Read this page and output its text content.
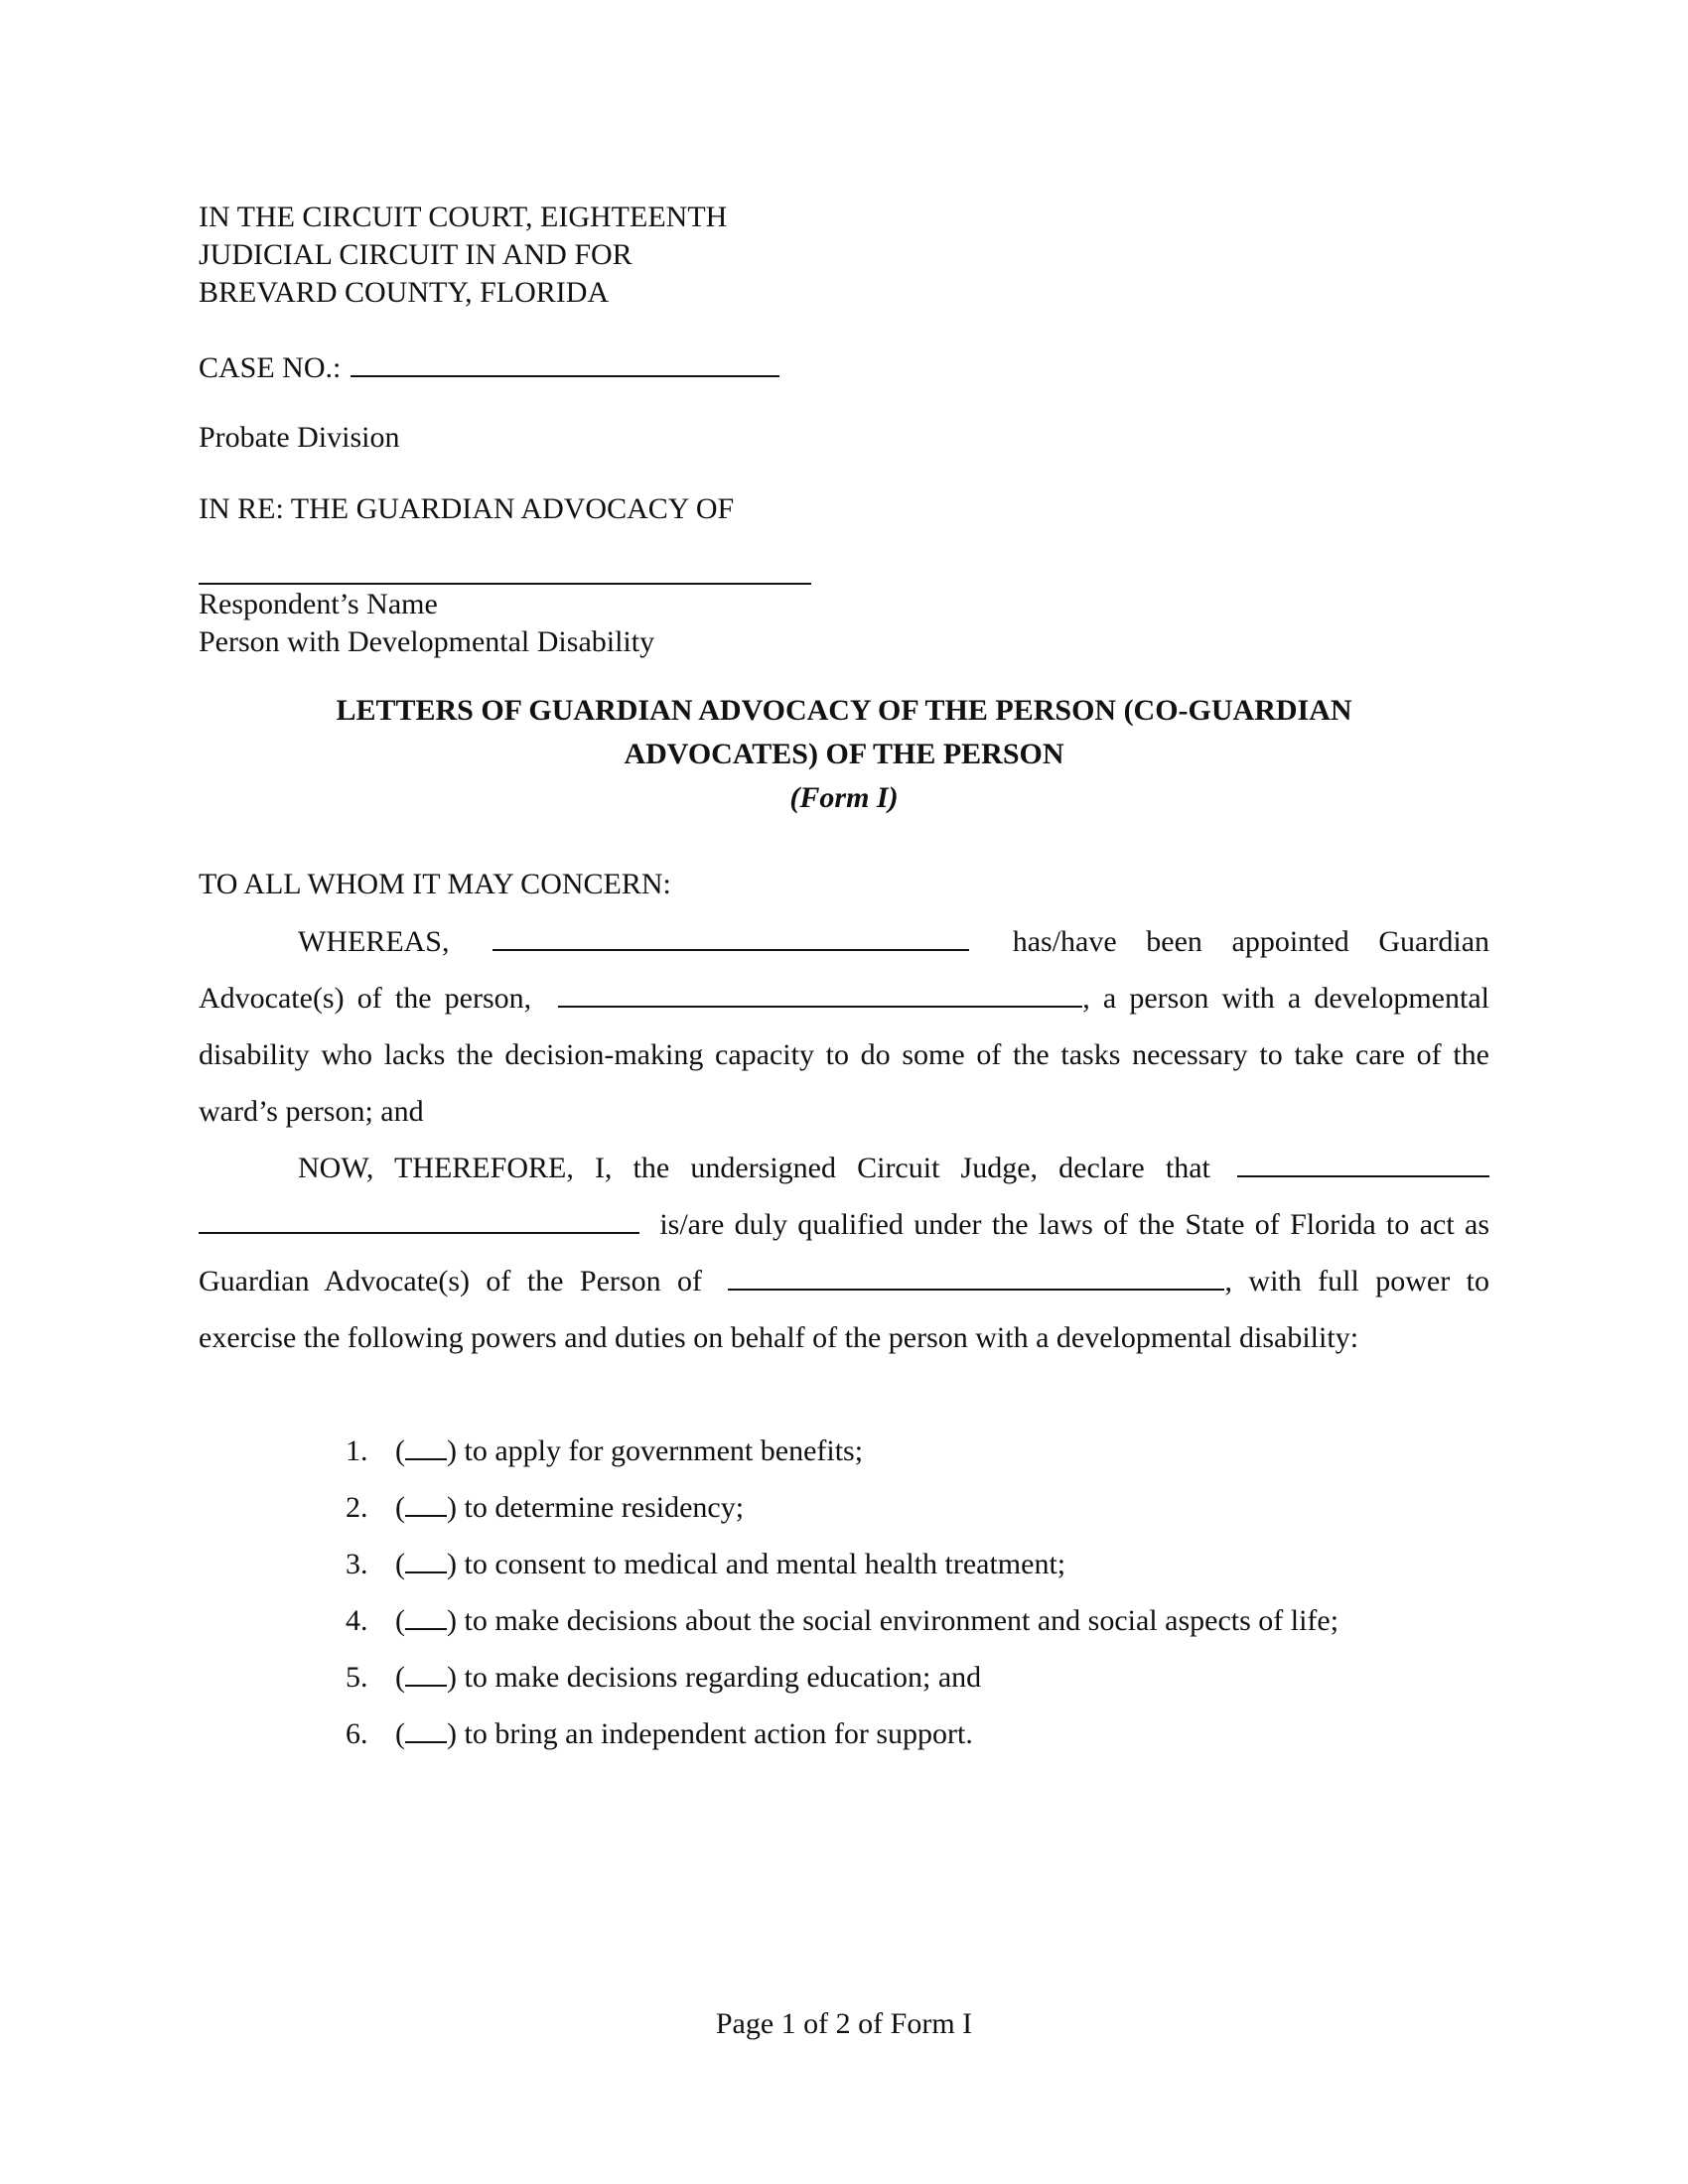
IN THE CIRCUIT COURT, EIGHTEENTH
JUDICIAL CIRCUIT IN AND FOR
BREVARD COUNTY, FLORIDA
CASE NO.:
Probate Division
IN RE: THE GUARDIAN ADVOCACY OF
Respondent’s Name
Person with Developmental Disability
LETTERS OF GUARDIAN ADVOCACY OF THE PERSON (CO-GUARDIAN
ADVOCATES) OF THE PERSON
(Form I)
TO ALL WHOM IT MAY CONCERN:
WHEREAS,	has/have been appointed Guardian Advocate(s) of the person,	, a person with a developmental disability who lacks the decision-making capacity to do some of the tasks necessary to take care of the ward’s person; and
NOW, THEREFORE, I, the undersigned Circuit Judge, declare that   is/are duly qualified under the laws of the State of Florida to act as Guardian Advocate(s) of the Person of	, with full power to exercise the following powers and duties on behalf of the person with a developmental disability:
1. ( ) to apply for government benefits;
2. ( ) to determine residency;
3. ( ) to consent to medical and mental health treatment;
4. ( ) to make decisions about the social environment and social aspects of life;
5. ( ) to make decisions regarding education; and
6. ( ) to bring an independent action for support.
Page 1 of 2 of Form I
